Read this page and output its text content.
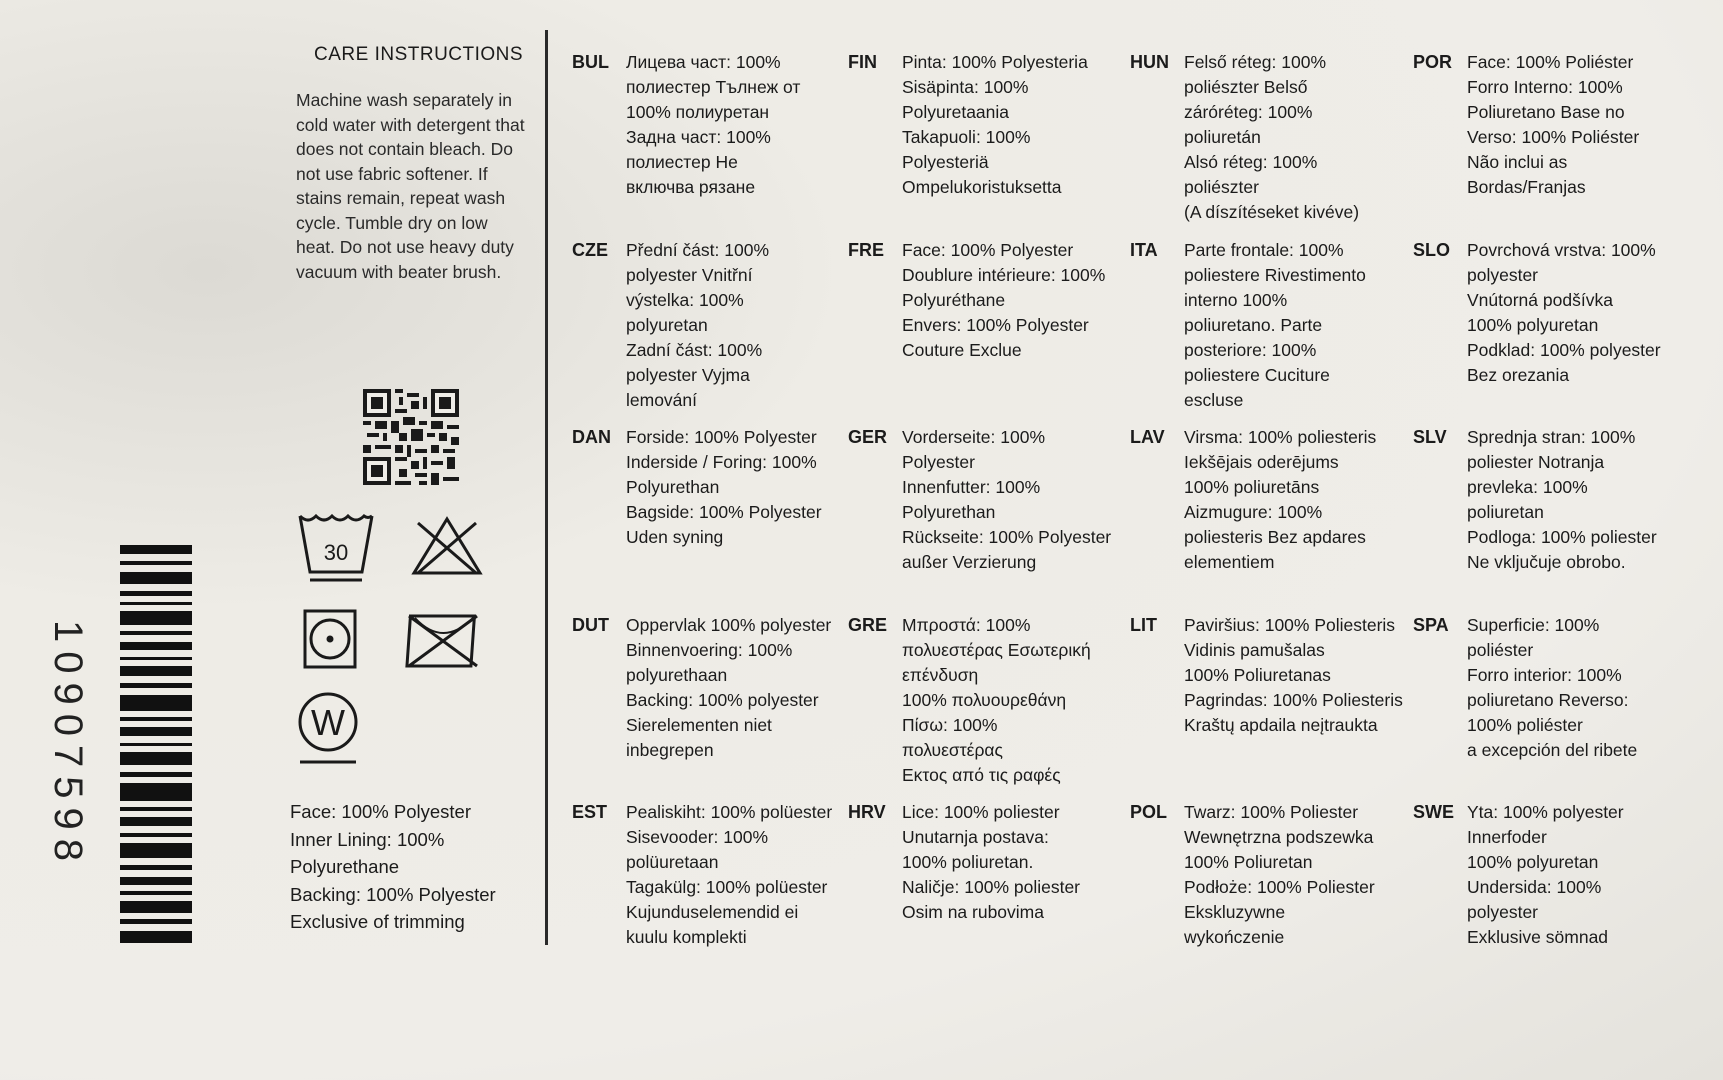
10907598
CARE INSTRUCTIONS
Machine wash separately in cold water with detergent that does not contain bleach. Do not use fabric softener. If stains remain, repeat wash cycle. Tumble dry on low heat. Do not use heavy duty vacuum with beater brush.
30
W
Face: 100% Polyester
Inner Lining: 100%
Polyurethane
Backing: 100% Polyester
Exclusive of trimming
BUL Лицева част: 100%
полиестер Тълнеж от
100% полиуретан
Задна част: 100%
полиестер Не
включва рязане
CZE Přední část: 100%
polyester Vnitřní
výstelka: 100%
polyuretan
Zadní část: 100%
polyester Vyjma
lemování
DAN Forside: 100% Polyester
Inderside / Foring: 100%
Polyurethan
Bagside: 100% Polyester
Uden syning
DUT Oppervlak 100% polyester
Binnenvoering: 100%
polyurethaan
Backing: 100% polyester
Sierelementen niet
inbegrepen
EST Pealiskiht: 100% polüester
Sisevooder: 100%
polüuretaan
Tagakülg: 100% polüester
Kujunduselemendid ei
kuulu komplekti
FIN Pinta: 100% Polyesteria
Sisäpinta: 100%
Polyuretaania
Takapuoli: 100%
Polyesteriä
Ompelukoristuksetta
FRE Face: 100% Polyester
Doublure intérieure: 100%
Polyuréthane
Envers: 100% Polyester
Couture Exclue
GER Vorderseite: 100%
Polyester
Innenfutter: 100%
Polyurethan
Rückseite: 100% Polyester
außer Verzierung
GRE Μπροστά: 100%
πολυεστέρας Εσωτερική
επένδυση
100% πολυουρεθάνη
Πίσω: 100%
πολυεστέρας
Εκτος από τις ραφές
HRV Lice: 100% poliester
Unutarnja postava:
100% poliuretan.
Naličje: 100% poliester
Osim na rubovima
HUN Felső réteg: 100%
poliészter Belső
záróréteg: 100%
poliuretán
Alsó réteg: 100%
poliészter
(A díszítéseket kivéve)
ITA Parte frontale: 100%
poliestere Rivestimento
interno 100%
poliuretano. Parte
posteriore: 100%
poliestere Cuciture
escluse
LAV Virsma: 100% poliesteris
Iekšējais oderējums
100% poliuretāns
Aizmugure: 100%
poliesteris Bez apdares
elementiem
LIT Paviršius: 100% Poliesteris
Vidinis pamušalas
100% Poliuretanas
Pagrindas: 100% Poliesteris
Kraštų apdaila neįtraukta
POL Twarz: 100% Poliester
Wewnętrzna podszewka
100% Poliuretan
Podłoże: 100% Poliester
Ekskluzywne
wykończenie
POR Face: 100% Poliéster
Forro Interno: 100%
Poliuretano Base no
Verso: 100% Poliéster
Não inclui as
Bordas/Franjas
SLO Povrchová vrstva: 100%
polyester
Vnútorná podšívka
100% polyuretan
Podklad: 100% polyester
Bez orezania
SLV Sprednja stran: 100%
poliester Notranja
prevleka: 100%
poliuretan
Podloga: 100% poliester
Ne vključuje obrobo.
SPA Superficie: 100%
poliéster
Forro interior: 100%
poliuretano Reverso:
100% poliéster
a excepción del ribete
SWE Yta: 100% polyester
Innerfoder
100% polyuretan
Undersida: 100%
polyester
Exklusive sömnad
